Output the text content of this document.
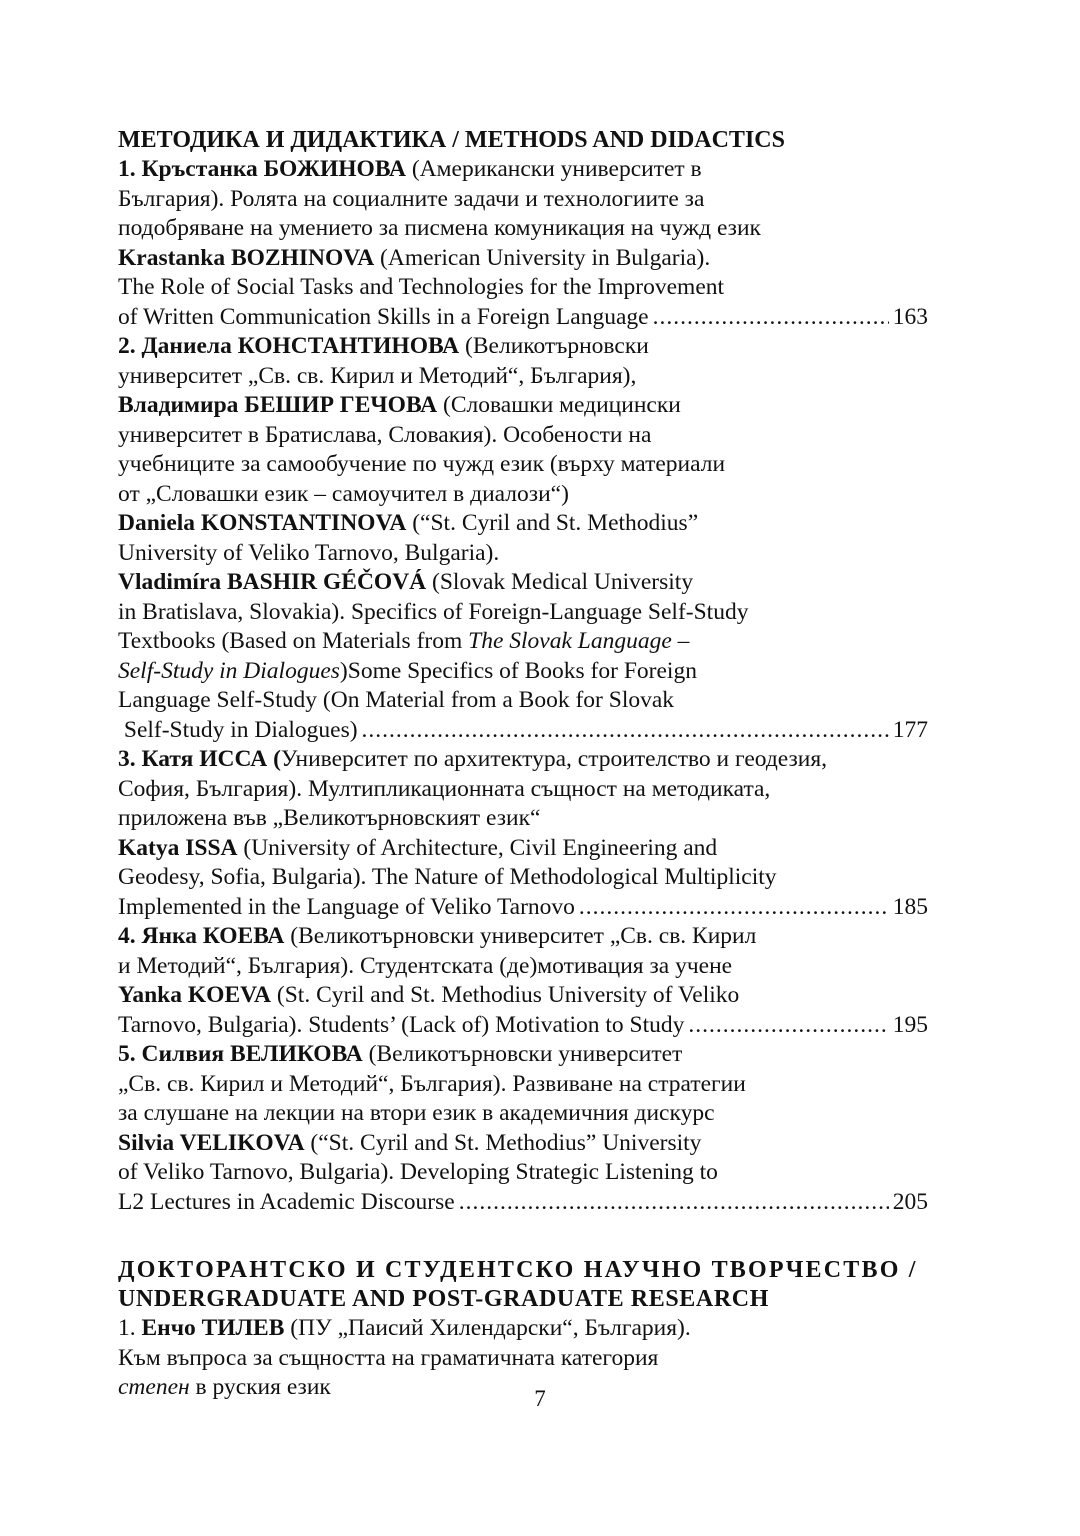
МЕТОДИКА И ДИДАКТИКА / METHODS AND DIDACTICS
1. Кръстанка БОЖИНОВА (Американски университет в
България). Ролята на социалните задачи и технологиите за
подобряване на умението за писмена комуникация на чужд език
Krastanka BOZHINOVA (American University in Bulgaria).
The Role of Social Tasks and Technologies for the Improvement
of Written Communication Skills in a Foreign Language .....	163
2. Даниела КОНСТАНТИНОВА (Великотърновски
университет „Св. св. Кирил и Методий“, България),
Владимира БЕШИР ГЕЧОВА (Словашки медицински
университет в Братислава, Словакия). Особености на
учебниците за самообучение по чужд език (върху материали
от „Словашки език – самоучител в диалози“)
Daniela KONSTANTINOVA (“St. Cyril and St. Methodius”
University of Veliko Tarnovo, Bulgaria).
Vladimíra BASHIR GÉČOVÁ (Slovak Medical University
in Bratislava, Slovakia). Specifics of Foreign-Language Self-Study
Textbooks (Based on Materials from The Slovak Language –
Self-Study in Dialogues)Some Specifics of Books for Foreign
Language Self-Study (On Material from a Book for Slovak
Self-Study in Dialogues) .....	177
3. Катя ИССА (Университет по архитектура, строителство и геодезия,
София, България). Мултипликационната същност на методиката,
приложена във „Великотърновският език“
Katya ISSA (University of Architecture, Civil Engineering and
Geodesy, Sofia, Bulgaria). The Nature of Methodological Multiplicity
Implemented in the Language of Veliko Tarnovo .....	185
4. Янка КОЕВА (Великотърновски университет „Св. св. Кирил
и Методий“, България). Студентската (де)мотивация за учене
Yanka KOEVA (St. Cyril and St. Methodius University of Veliko
Tarnovo, Bulgaria). Students’ (Lack of) Motivation to Study .....	195
5. Силвия ВЕЛИКОВА (Великотърновски университет
„Св. св. Кирил и Методий“, България). Развиване на стратегии
за слушане на лекции на втори език в академичния дискурс
Silvia VELIKOVA (“St. Cyril and St. Methodius” University
of Veliko Tarnovo, Bulgaria). Developing Strategic Listening to
L2 Lectures in Academic Discourse .....	205
ДОКТОРАНТСКО И СТУДЕНТСКО НАУЧНО ТВОРЧЕСТВО /
UNDERGRADUATE AND POST-GRADUATE RESEARCH
1. Енчо ТИЛЕВ (ПУ „Паисий Хилендарски“, България).
Към въпроса за същността на граматичната категория
степен в руския език	7
